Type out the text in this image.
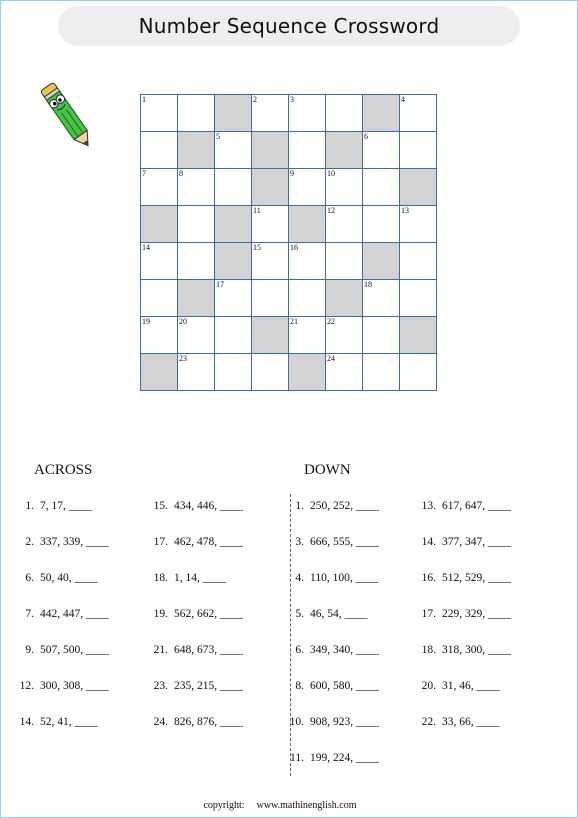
Number Sequence Crossword
1	2	3	4
5	6
7	8	9	10
11	12	13
14	15	16
17	18
19	20	21	22
23	24
ACROSS	DOWN
1. 7, 17, ____
2. 337, 339, ____
6. 50, 40, ____
7. 442, 447, ____
9. 507, 500, ____
12. 300, 308, ____
14. 52, 41, ____
15. 434, 446, ____
17. 462, 478, ____
18. 1, 14, ____
19. 562, 662, ____
21. 648, 673, ____
23. 235, 215, ____
24. 826, 876, ____
1. 250, 252, ____
3. 666, 555, ____
4. 110, 100, ____
5. 46, 54, ____
6. 349, 340, ____
8. 600, 580, ____
10. 908, 923, ____
11. 199, 224, ____
13. 617, 647, ____
14. 377, 347, ____
16. 512, 529, ____
17. 229, 329, ____
18. 318, 300, ____
20. 31, 46, ____
22. 33, 66, ____
copyright: www.mathinenglish.com
